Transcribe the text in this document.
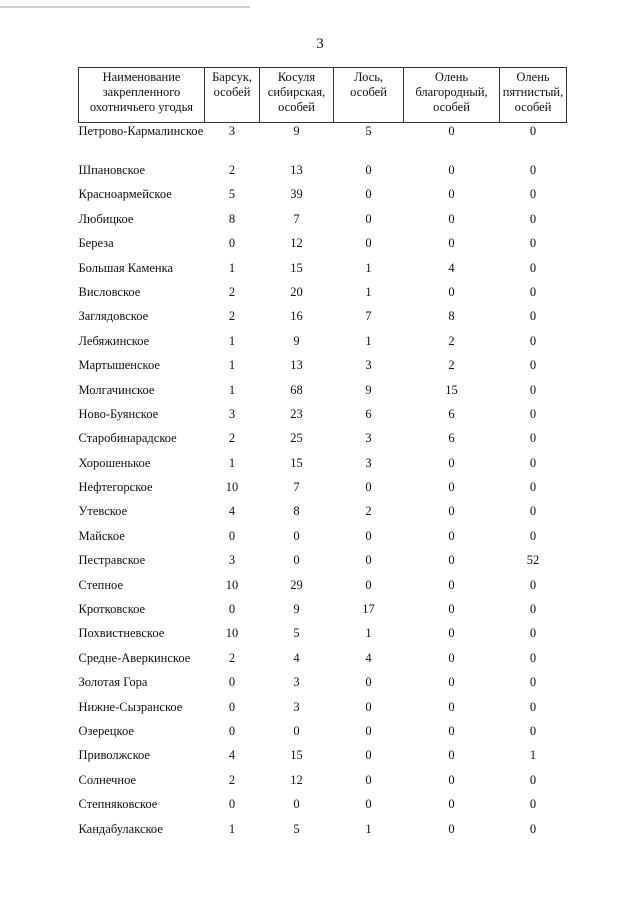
3
Наименование закрепленного охотничьего угодья	Барсук, особей	Косуля сибирская, особей	Лось, особей	Олень благородный, особей	Олень пятнистый, особей
Петрово-Кармалинское	3	9	5	0	0
Шпановское	2	13	0	0	0
Красноармейское	5	39	0	0	0
Любицкое	8	7	0	0	0
Береза	0	12	0	0	0
Большая Каменка	1	15	1	4	0
Висловское	2	20	1	0	0
Заглядовское	2	16	7	8	0
Лебяжинское	1	9	1	2	0
Мартышенское	1	13	3	2	0
Молгачинское	1	68	9	15	0
Ново-Буянское	3	23	6	6	0
Старобинарадское	2	25	3	6	0
Хорошенькое	1	15	3	0	0
Нефтегорское	10	7	0	0	0
Утевское	4	8	2	0	0
Майское	0	0	0	0	0
Пестравское	3	0	0	0	52
Степное	10	29	0	0	0
Кротковское	0	9	17	0	0
Похвистневское	10	5	1	0	0
Средне-Аверкинское	2	4	4	0	0
Золотая Гора	0	3	0	0	0
Нижне-Сызранское	0	3	0	0	0
Озерецкое	0	0	0	0	0
Приволжское	4	15	0	0	1
Солнечное	2	12	0	0	0
Степняковское	0	0	0	0	0
Кандабулакское	1	5	1	0	0
